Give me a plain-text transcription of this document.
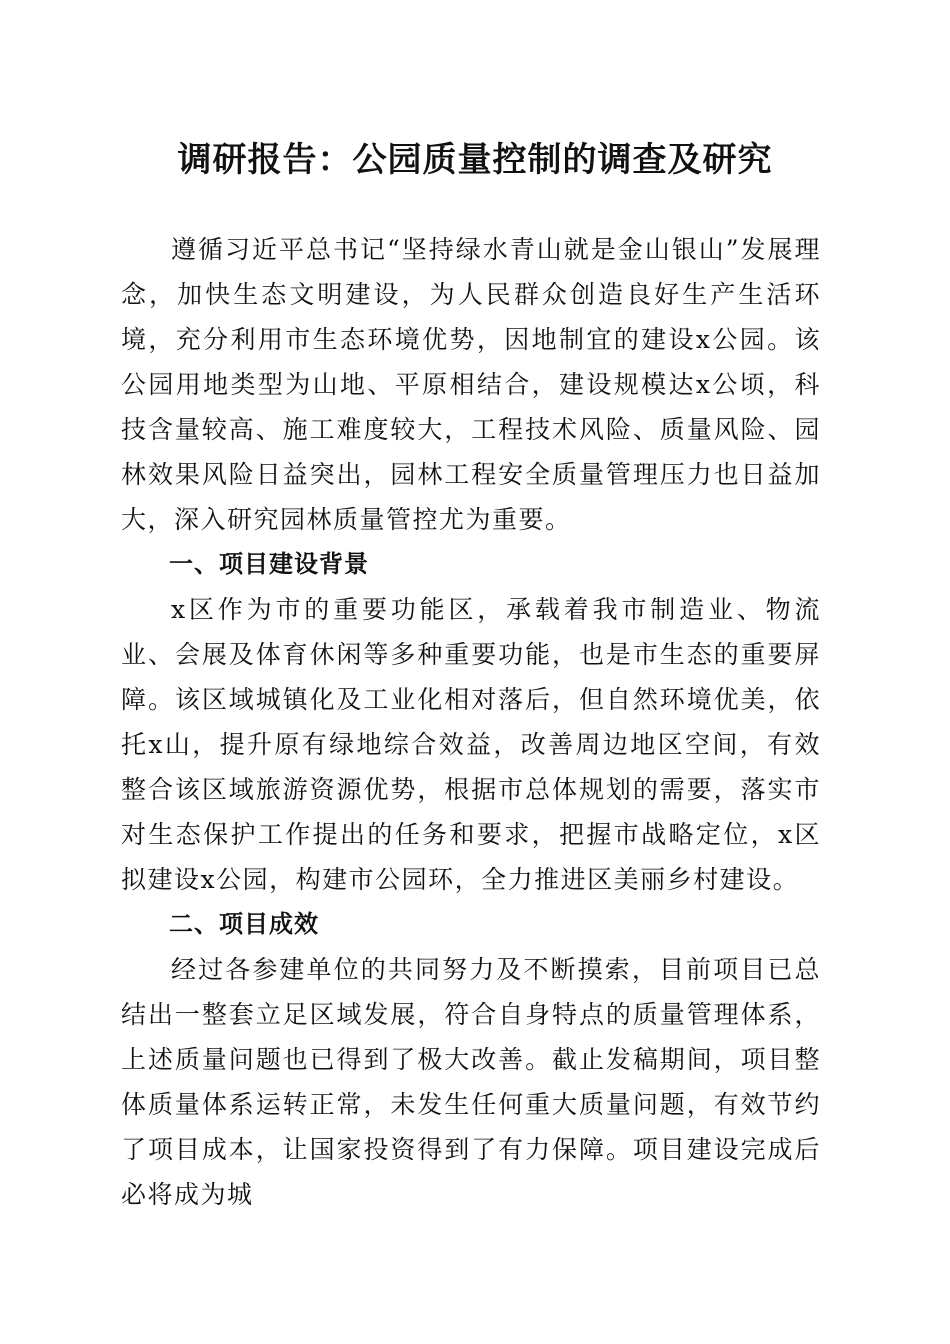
调研报告：公园质量控制的调查及研究

遵循习近平总书记“坚持绿水青山就是金山银山”发展理念，加快生态文明建设，为人民群众创造良好生产生活环境，充分利用市生态环境优势，因地制宜的建设x公园。该公园用地类型为山地、平原相结合，建设规模达x公顷，科技含量较高、施工难度较大，工程技术风险、质量风险、园林效果风险日益突出，园林工程安全质量管理压力也日益加大，深入研究园林质量管控尤为重要。

一、项目建设背景

x区作为市的重要功能区，承载着我市制造业、物流业、会展及体育休闲等多种重要功能，也是市生态的重要屏障。该区域城镇化及工业化相对落后，但自然环境优美，依托x山，提升原有绿地综合效益，改善周边地区空间，有效整合该区域旅游资源优势，根据市总体规划的需要，落实市对生态保护工作提出的任务和要求，把握市战略定位，x区拟建设x公园，构建市公园环，全力推进区美丽乡村建设。

二、项目成效

经过各参建单位的共同努力及不断摸索，目前项目已总结出一整套立足区域发展，符合自身特点的质量管理体系，上述质量问题也已得到了极大改善。截止发稿期间，项目整体质量体系运转正常，未发生任何重大质量问题，有效节约了项目成本，让国家投资得到了有力保障。项目建设完成后必将成为城
